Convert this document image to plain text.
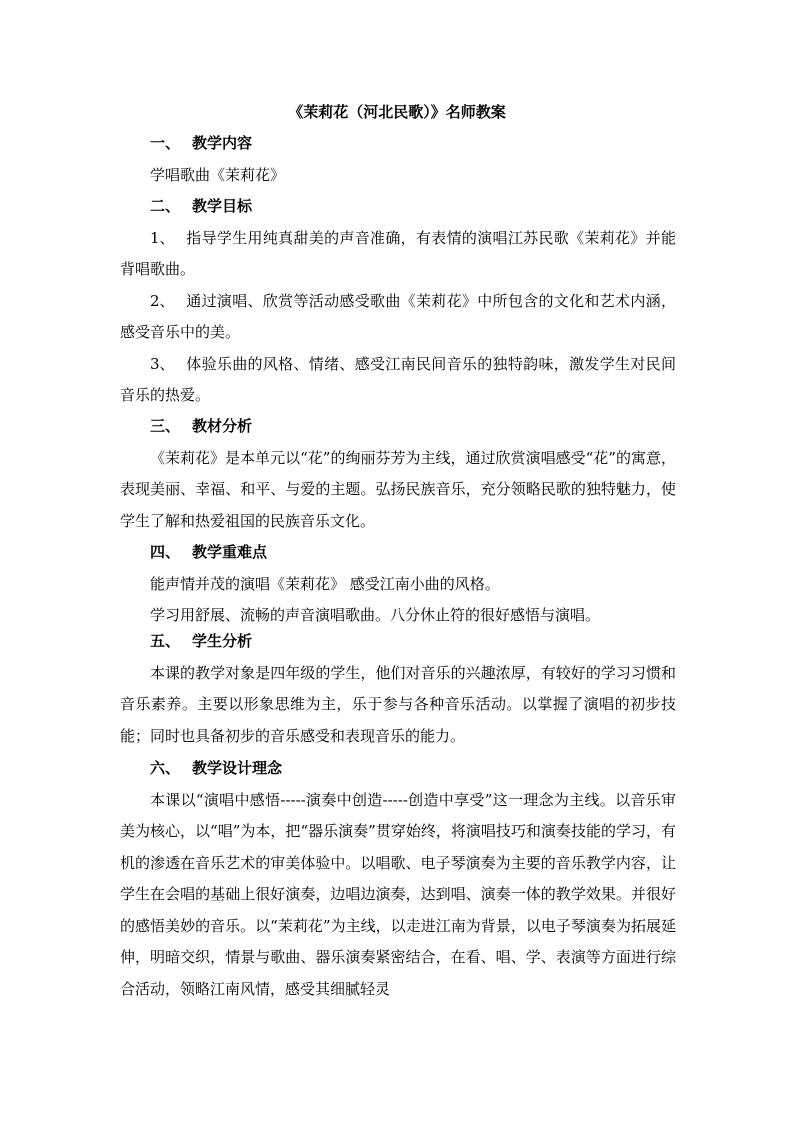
《茉莉花（河北民歌）》名师教案
一、 教学内容

学唱歌曲《茉莉花》

二、 教学目标

1、 指导学生用纯真甜美的声音准确，有表情的演唱江苏民歌《茉莉花》并能背唱歌曲。

2、 通过演唱、欣赏等活动感受歌曲《茉莉花》中所包含的文化和艺术内涵，感受音乐中的美。

3、 体验乐曲的风格、情绪、感受江南民间音乐的独特韵味，激发学生对民间音乐的热爱。

三、 教材分析

《茉莉花》是本单元以“花”的绚丽芬芳为主线，通过欣赏演唱感受“花”的寓意，表现美丽、幸福、和平、与爱的主题。弘扬民族音乐，充分领略民歌的独特魅力，使学生了解和热爱祖国的民族音乐文化。

四、 教学重难点

能声情并茂的演唱《茉莉花》 感受江南小曲的风格。

学习用舒展、流畅的声音演唱歌曲。八分休止符的很好感悟与演唱。

五、 学生分析

本课的教学对象是四年级的学生，他们对音乐的兴趣浓厚，有较好的学习习惯和音乐素养。主要以形象思维为主，乐于参与各种音乐活动。以掌握了演唱的初步技能；同时也具备初步的音乐感受和表现音乐的能力。

六、 教学设计理念

本课以“演唱中感悟-----演奏中创造-----创造中享受”这一理念为主线。以音乐审美为核心，以“唱”为本，把“器乐演奏”贯穿始终，将演唱技巧和演奏技能的学习，有机的渗透在音乐艺术的审美体验中。以唱歌、电子琴演奏为主要的音乐教学内容，让学生在会唱的基础上很好演奏，边唱边演奏，达到唱、演奏一体的教学效果。并很好的感悟美妙的音乐。以“茉莉花”为主线，以走进江南为背景，以电子琴演奏为拓展延伸，明暗交织，情景与歌曲、器乐演奏紧密结合，在看、唱、学、表演等方面进行综合活动，领略江南风情，感受其细腻轻灵
